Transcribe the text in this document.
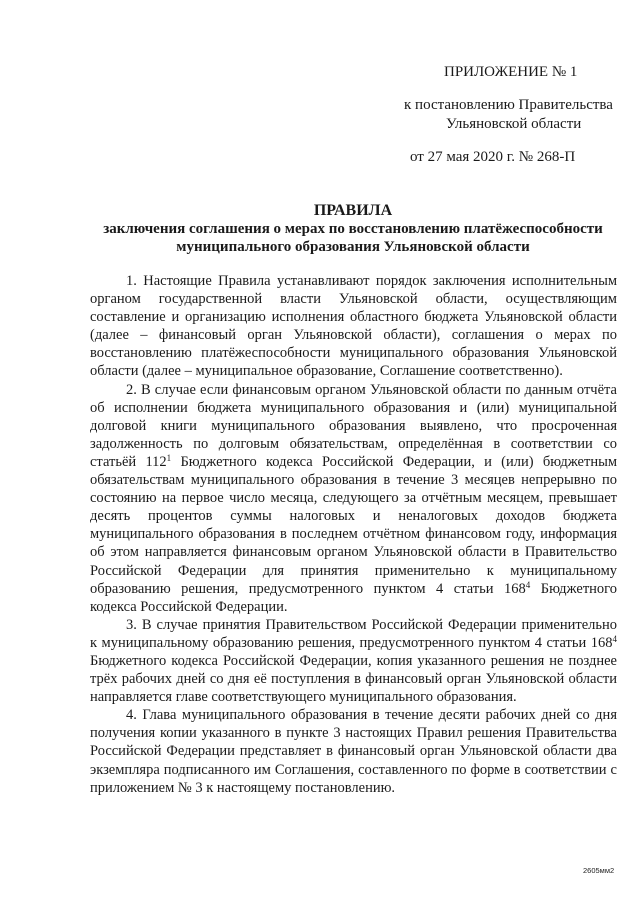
ПРИЛОЖЕНИЕ № 1
к постановлению Правительства
Ульяновской области
от 27 мая 2020 г. № 268-П
ПРАВИЛА
заключения соглашения о мерах по восстановлению платёжеспособности
муниципального образования Ульяновской области

1. Настоящие Правила устанавливают порядок заключения исполнительным органом государственной власти Ульяновской области, осуществляющим составление и организацию исполнения областного бюджета Ульяновской области (далее – финансовый орган Ульяновской области), соглашения о мерах по восстановлению платёжеспособности муниципального образования Ульяновской области (далее – муниципальное образование, Соглашение соответственно).

2. В случае если финансовым органом Ульяновской области по данным отчёта об исполнении бюджета муниципального образования и (или) муниципальной долговой книги муниципального образования выявлено, что просроченная задолженность по долговым обязательствам, определённая в соответствии со статьёй $112^1$ Бюджетного кодекса Российской Федерации, и (или) бюджетным обязательствам муниципального образования в течение 3 месяцев непрерывно по состоянию на первое число месяца, следующего за отчётным месяцем, превышает десять процентов суммы налоговых и неналоговых доходов бюджета муниципального образования в последнем отчётном финансовом году, информация об этом направляется финансовым органом Ульяновской области в Правительство Российской Федерации для принятия применительно к муниципальному образованию решения, предусмотренного пунктом 4 статьи $168^4$ Бюджетного кодекса Российской Федерации.

3. В случае принятия Правительством Российской Федерации применительно к муниципальному образованию решения, предусмотренного пунктом 4 статьи $168^4$ Бюджетного кодекса Российской Федерации, копия указанного решения не позднее трёх рабочих дней со дня её поступления в финансовый орган Ульяновской области направляется главе соответствующего муниципального образования.

4. Глава муниципального образования в течение десяти рабочих дней со дня получения копии указанного в пункте 3 настоящих Правил решения Правительства Российской Федерации представляет в финансовый орган Ульяновской области два экземпляра подписанного им Соглашения, составленного по форме в соответствии с приложением № 3 к настоящему постановлению.

2605мм2
